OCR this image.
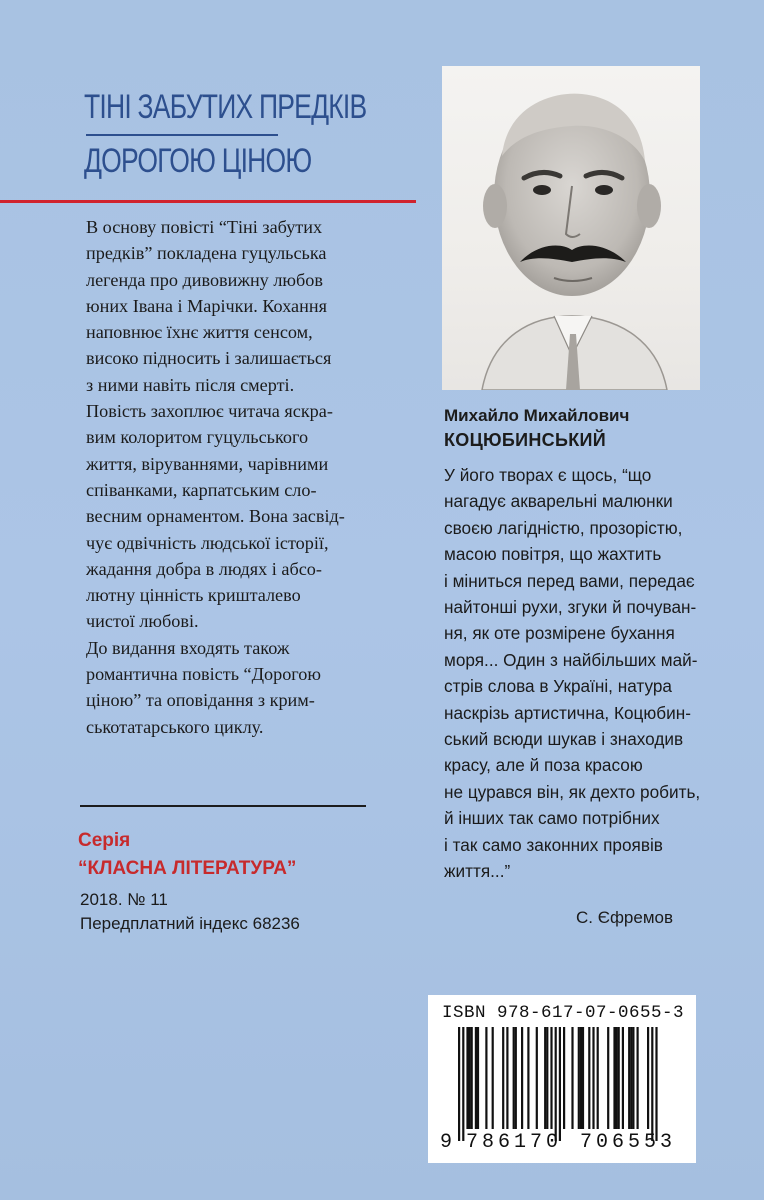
ТІНІ ЗАБУТИХ ПРЕДКІВ
ДОРОГОЮ ЦІНОЮ
В основу повісті “Тіні забутих
предків” покладена гуцульська
легенда про дивовижну любов
юних Івана і Марічки. Кохання
наповнює їхнє життя сенсом,
високо підносить і залишається
з ними навіть після смерті.
Повість захоплює читача яскра-
вим колоритом гуцульського
життя, віруваннями, чарівними
співанками, карпатським сло-
весним орнаментом. Вона засвід-
чує одвічність людської історії,
жадання добра в людях і абсо-
лютну цінність кришталево
чистої любові.
До видання входять також
романтична повість “Дорогою
ціною” та оповідання з крим-
ськотатарського циклу.
Серія
“КЛАСНА ЛІТЕРАТУРА”
2018. № 11
Передплатний індекс 68236
Михайло Михайлович
КОЦЮБИНСЬКИЙ
У його творах є щось, “що
нагадує акварельні малюнки
своєю лагідністю, прозорістю,
масою повітря, що жахтить
і міниться перед вами, передає
найтонші рухи, згуки й почуван-
ня, як оте розмірене бухання
моря... Один з найбільших май-
стрів слова в Україні, натура
наскрізь артистична, Коцюбин-
ський всюди шукав і знаходив
красу, але й поза красою
не цурався він, як дехто робить,
й інших так само потрібних
і так само законних проявів
життя...”
С. Єфремов
ISBN 978-617-07-0655-3
9 786170 706553
